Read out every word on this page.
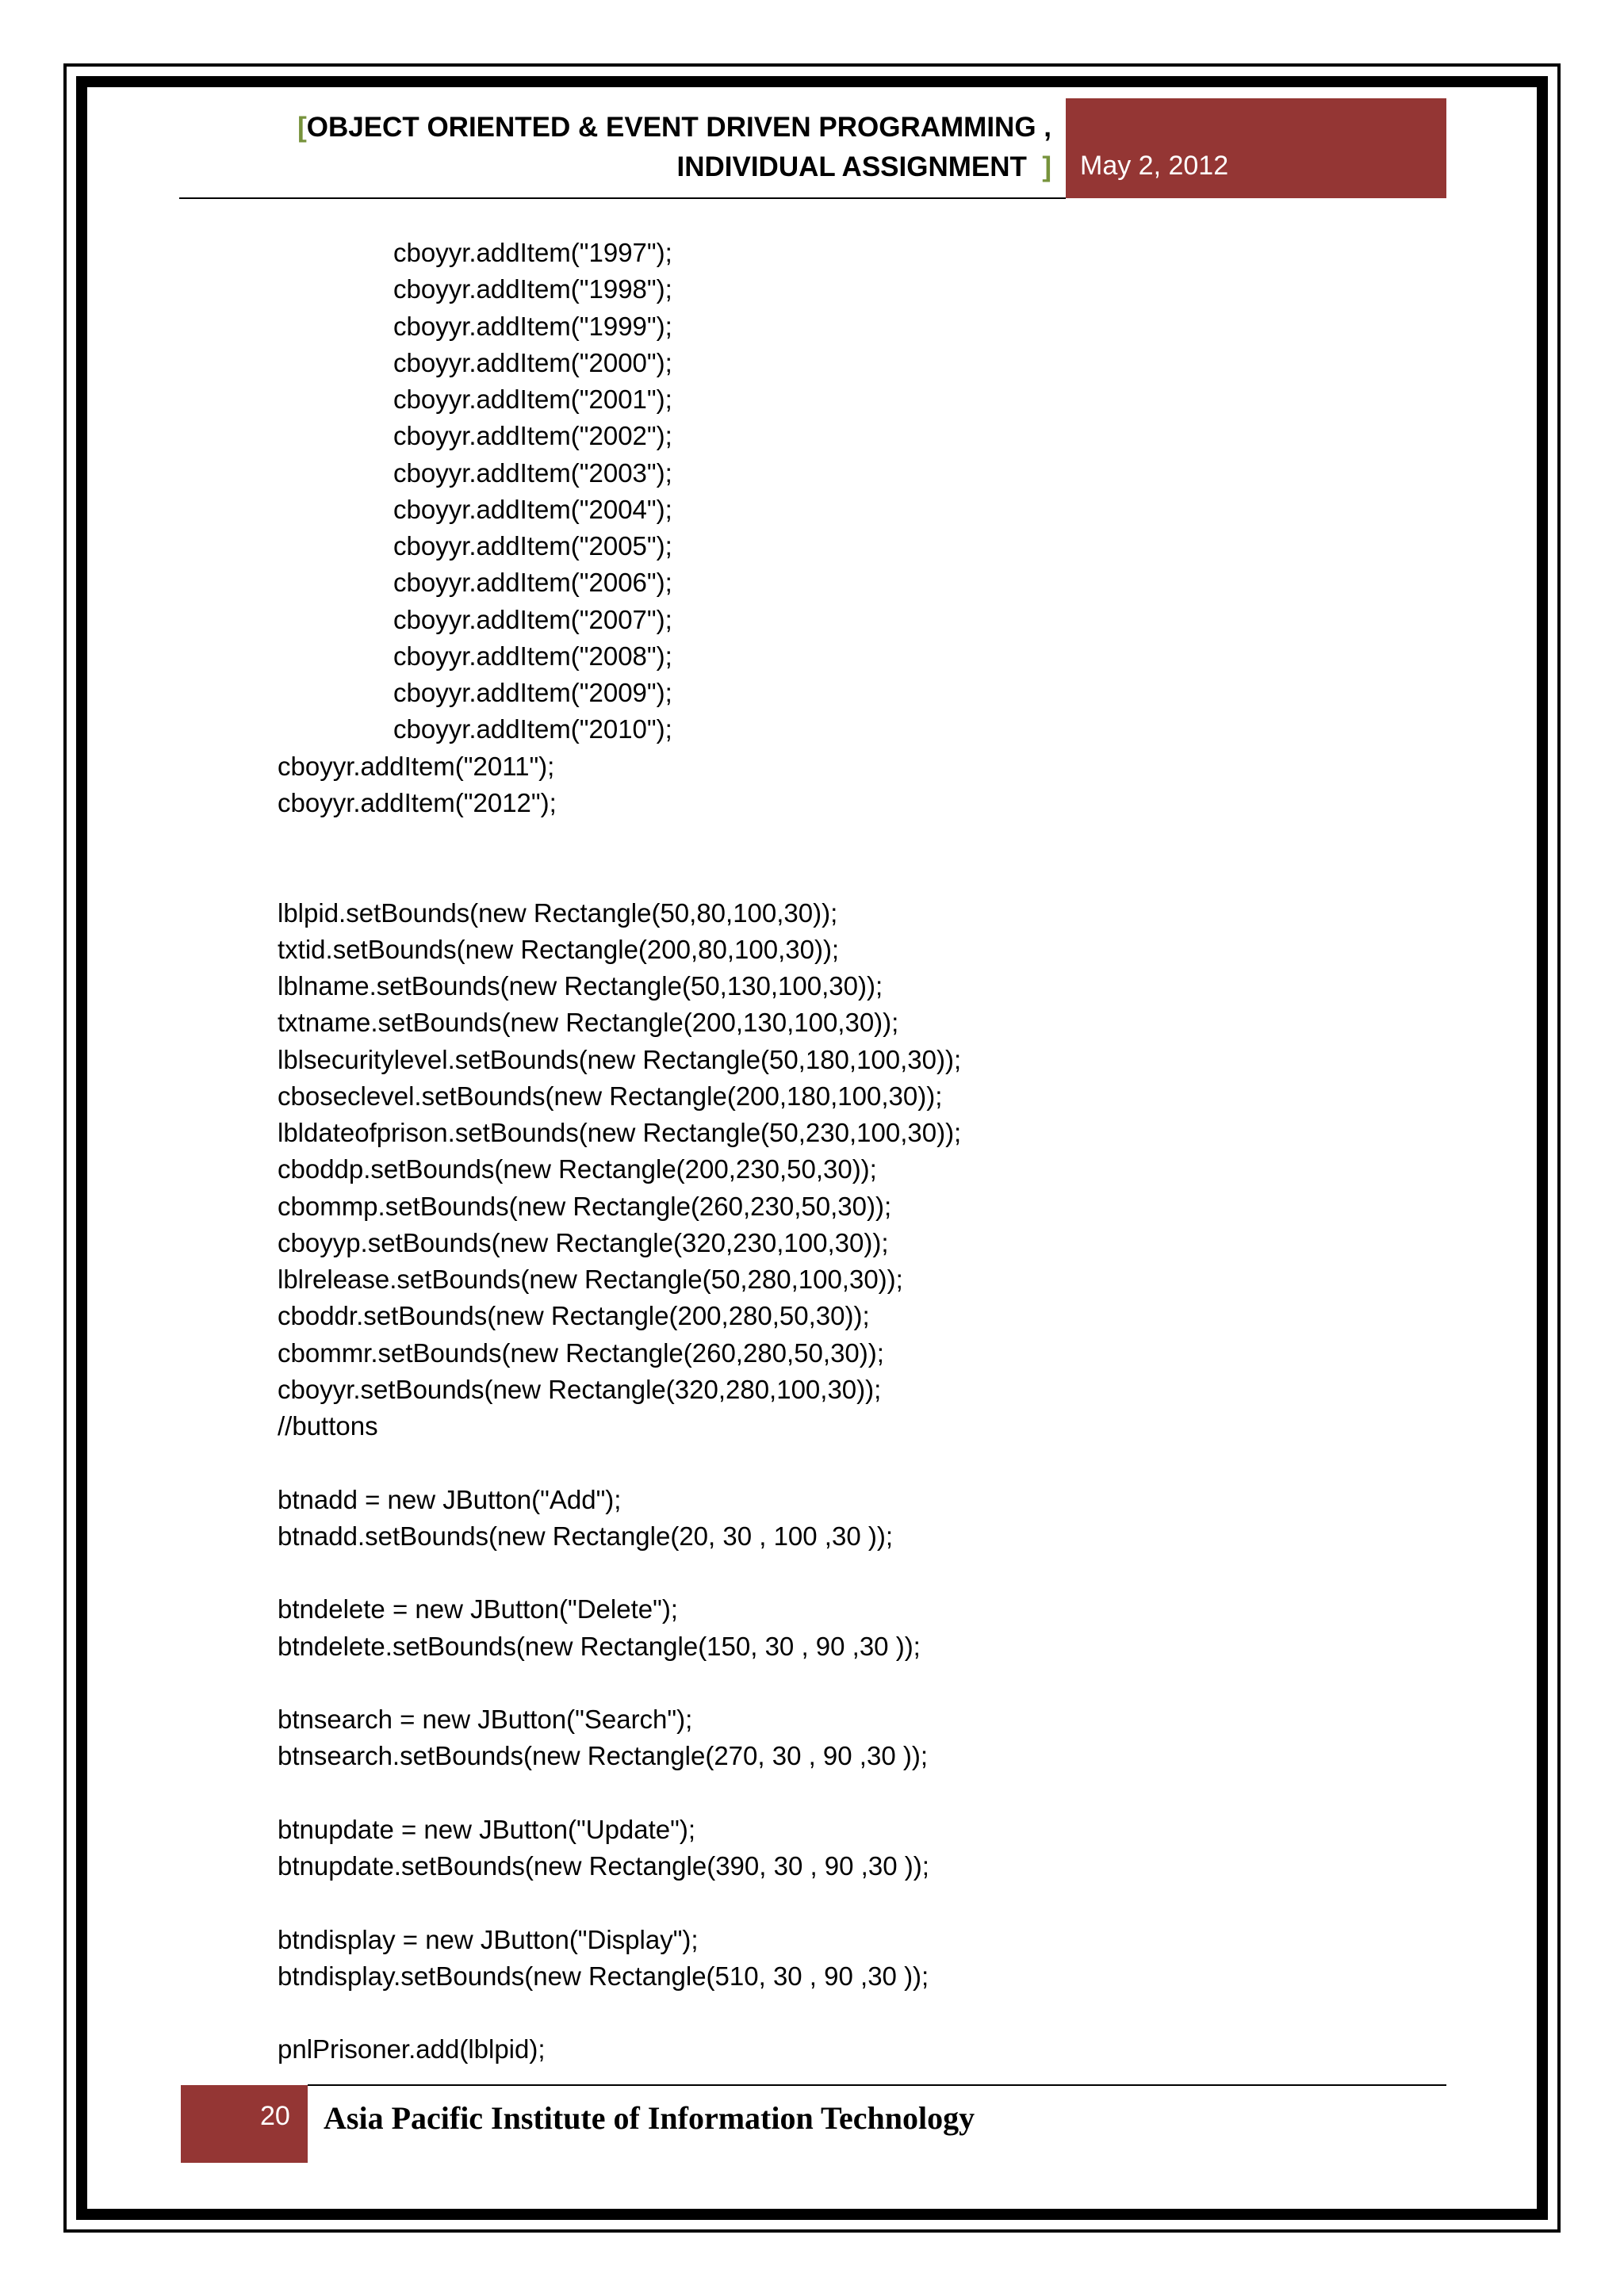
[OBJECT ORIENTED & EVENT DRIVEN PROGRAMMING ,
INDIVIDUAL ASSIGNMENT ] May 2, 2012
cboyyr.addItem("1997");
cboyyr.addItem("1998");
cboyyr.addItem("1999");
cboyyr.addItem("2000");
cboyyr.addItem("2001");
cboyyr.addItem("2002");
cboyyr.addItem("2003");
cboyyr.addItem("2004");
cboyyr.addItem("2005");
cboyyr.addItem("2006");
cboyyr.addItem("2007");
cboyyr.addItem("2008");
cboyyr.addItem("2009");
cboyyr.addItem("2010");
cboyyr.addItem("2011");
cboyyr.addItem("2012");
lblpid.setBounds(new Rectangle(50,80,100,30));
txtid.setBounds(new Rectangle(200,80,100,30));
lblname.setBounds(new Rectangle(50,130,100,30));
txtname.setBounds(new Rectangle(200,130,100,30));
lblsecuritylevel.setBounds(new Rectangle(50,180,100,30));
cboseclevel.setBounds(new Rectangle(200,180,100,30));
lbldateofprison.setBounds(new Rectangle(50,230,100,30));
cboddp.setBounds(new Rectangle(200,230,50,30));
cbommp.setBounds(new Rectangle(260,230,50,30));
cboyyp.setBounds(new Rectangle(320,230,100,30));
lblrelease.setBounds(new Rectangle(50,280,100,30));
cboddr.setBounds(new Rectangle(200,280,50,30));
cbommr.setBounds(new Rectangle(260,280,50,30));
cboyyr.setBounds(new Rectangle(320,280,100,30));
//buttons
btnadd = new JButton("Add");
btnadd.setBounds(new Rectangle(20, 30 , 100 ,30 ));
btndelete = new JButton("Delete");
btndelete.setBounds(new Rectangle(150, 30 , 90 ,30 ));
btnsearch = new JButton("Search");
btnsearch.setBounds(new Rectangle(270, 30 , 90 ,30 ));
btnupdate = new JButton("Update");
btnupdate.setBounds(new Rectangle(390, 30 , 90 ,30 ));
btndisplay = new JButton("Display");
btndisplay.setBounds(new Rectangle(510, 30 , 90 ,30 ));
pnlPrisoner.add(lblpid);
20 Asia Pacific Institute of Information Technology
